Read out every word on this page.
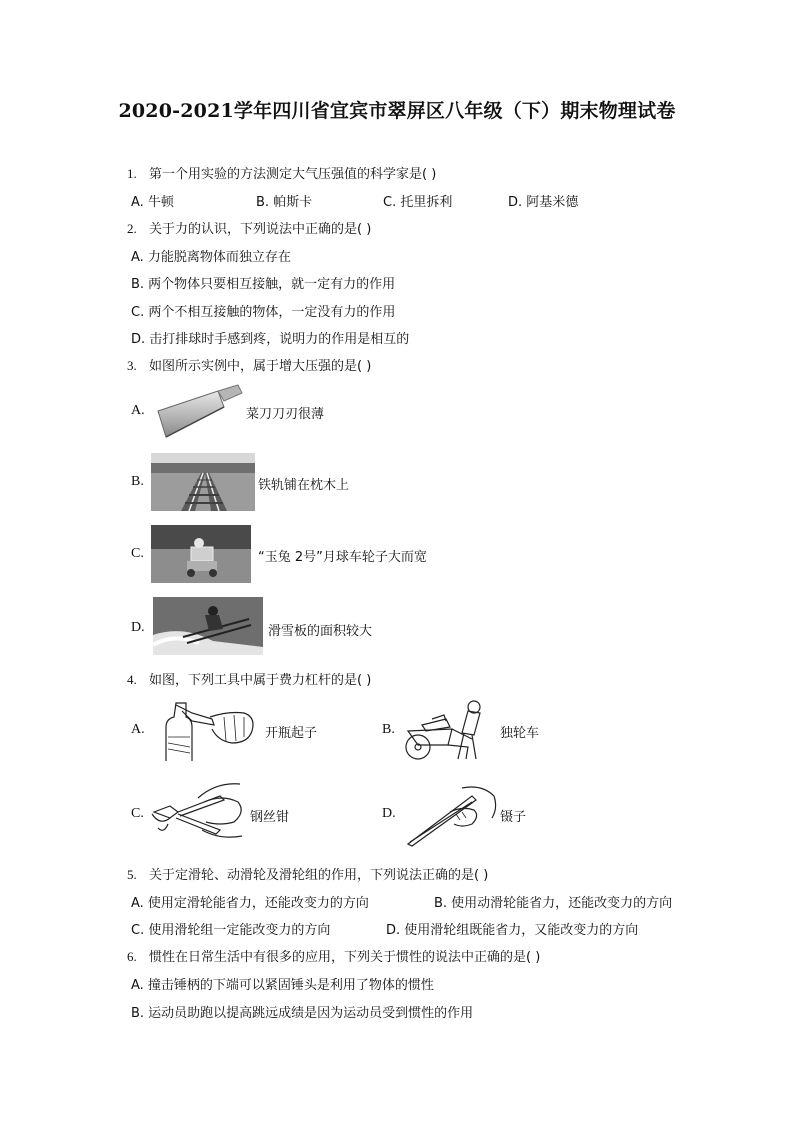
2020-2021学年四川省宜宾市翠屏区八年级（下）期末物理试卷
1. 第一个用实验的方法测定大气压强值的科学家是( )
A. 牛顿	B. 帕斯卡	C. 托里拆利	D. 阿基米德
2. 关于力的认识，下列说法中正确的是( )
A. 力能脱离物体而独立存在
B. 两个物体只要相互接触，就一定有力的作用
C. 两个不相互接触的物体，一定没有力的作用
D. 击打排球时手感到疼，说明力的作用是相互的
3. 如图所示实例中，属于增大压强的是( )
A.	菜刀刀刃很薄
B.	铁轨铺在枕木上
C.	“玉兔 2号”月球车轮子大而宽
D.	滑雪板的面积较大
4. 如图，下列工具中属于费力杠杆的是( )
A.	开瓶起子	B.	独轮车
C.	钢丝钳	D.	镊子
5. 关于定滑轮、动滑轮及滑轮组的作用，下列说法正确的是( )
A. 使用定滑轮能省力，还能改变力的方向	B. 使用动滑轮能省力，还能改变力的方向
C. 使用滑轮组一定能改变力的方向	D. 使用滑轮组既能省力，又能改变力的方向
6. 惯性在日常生活中有很多的应用，下列关于惯性的说法中正确的是( )
A. 撞击锤柄的下端可以紧固锤头是利用了物体的惯性
B. 运动员助跑以提高跳远成绩是因为运动员受到惯性的作用
